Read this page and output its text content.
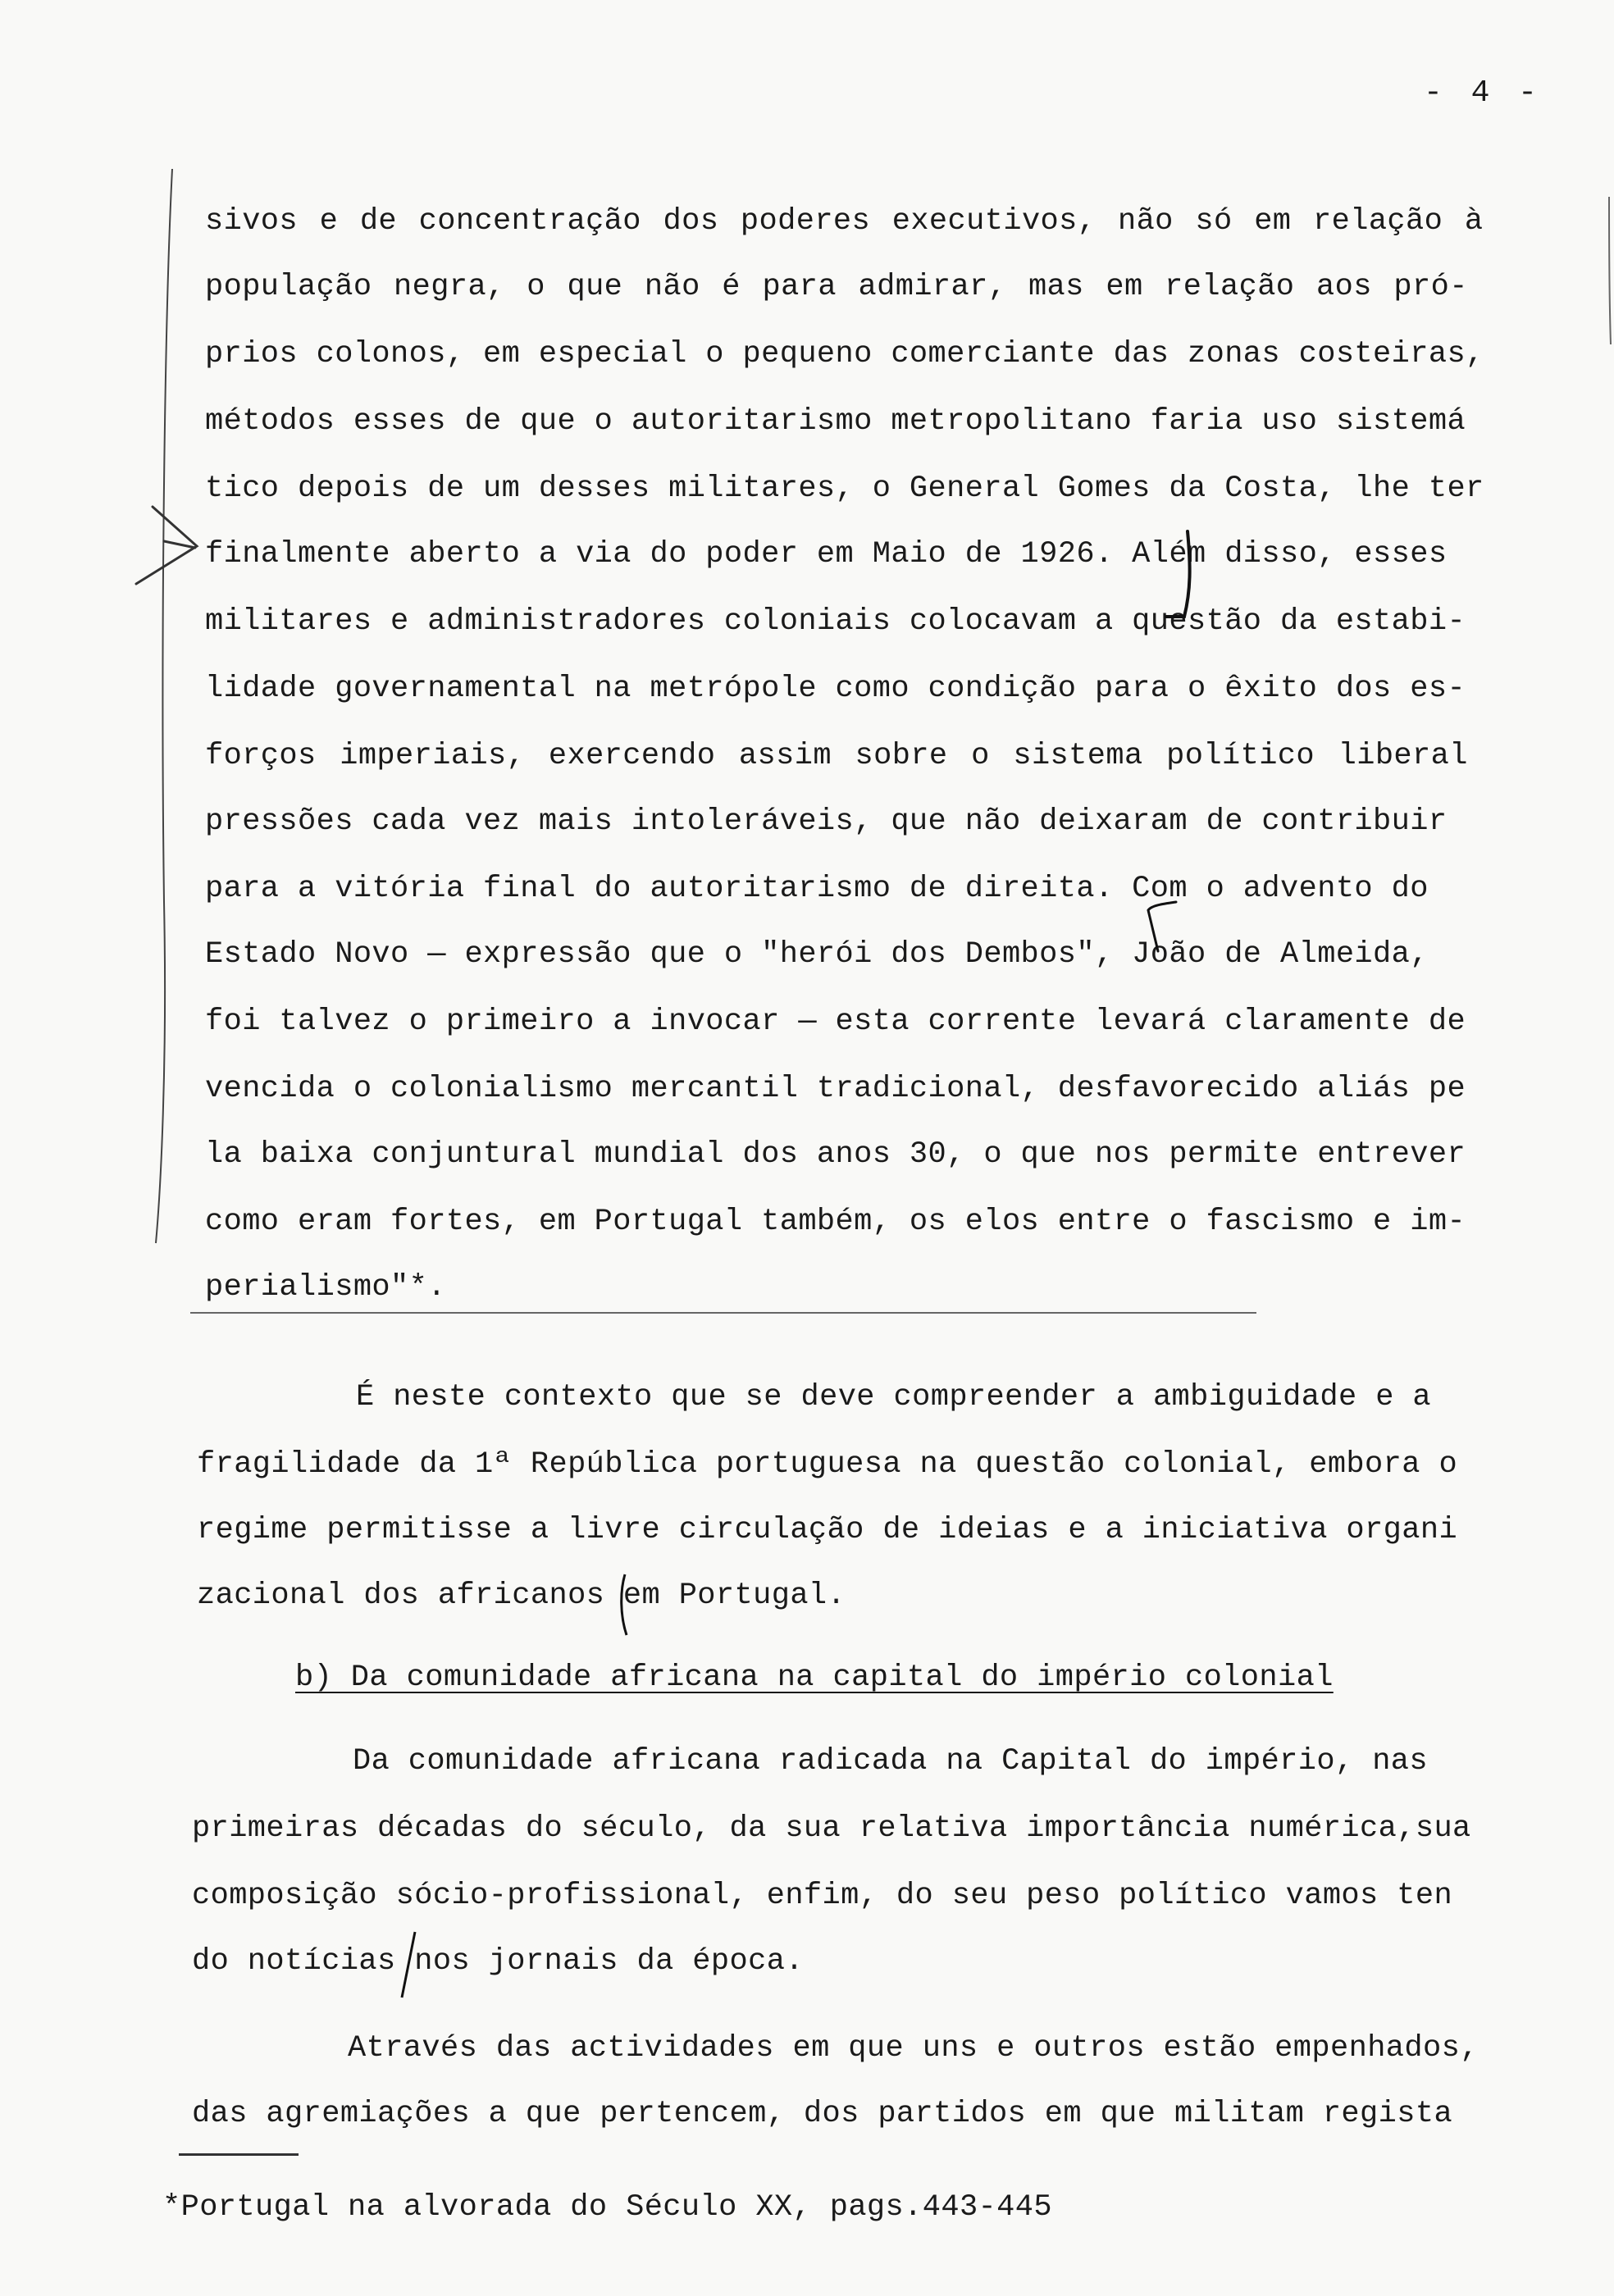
- 4 -
sivos e de concentração dos poderes executivos, não só em relação à
população negra, o que não é para admirar, mas em relação aos pró-
prios colonos, em especial o pequeno comerciante das zonas costeiras,
métodos esses de que o autoritarismo metropolitano faria uso sistemá
tico depois de um desses militares, o General Gomes da Costa, lhe ter
finalmente aberto a via do poder em Maio de 1926. Além disso, esses
militares e administradores coloniais colocavam a questão da estabi-
lidade governamental na metrópole como condição para o êxito dos es-
forços imperiais, exercendo assim sobre o sistema político liberal
pressões cada vez mais intoleráveis, que não deixaram de contribuir
para a vitória final do autoritarismo de direita. Com o advento do
Estado Novo — expressão que o "herói dos Dembos", João de Almeida,
foi talvez o primeiro a invocar — esta corrente levará claramente de
vencida o colonialismo mercantil tradicional, desfavorecido aliás pe
la baixa conjuntural mundial dos anos 30, o que nos permite entrever
como eram fortes, em Portugal também, os elos entre o fascismo e im-
perialismo"*.
É neste contexto que se deve compreender a ambiguidade e a
fragilidade da 1ª República portuguesa na questão colonial, embora o
regime permitisse a livre circulação de ideias e a iniciativa organi
zacional dos africanos em Portugal.
b) Da comunidade africana na capital do império colonial
Da comunidade africana radicada na Capital do império, nas
primeiras décadas do século, da sua relativa importância numérica,sua
composição sócio-profissional, enfim, do seu peso político vamos ten
do notícias nos jornais da época.
Através das actividades em que uns e outros estão empenhados,
das agremiações a que pertencem, dos partidos em que militam regista
*Portugal na alvorada do Século XX, pags.443-445
